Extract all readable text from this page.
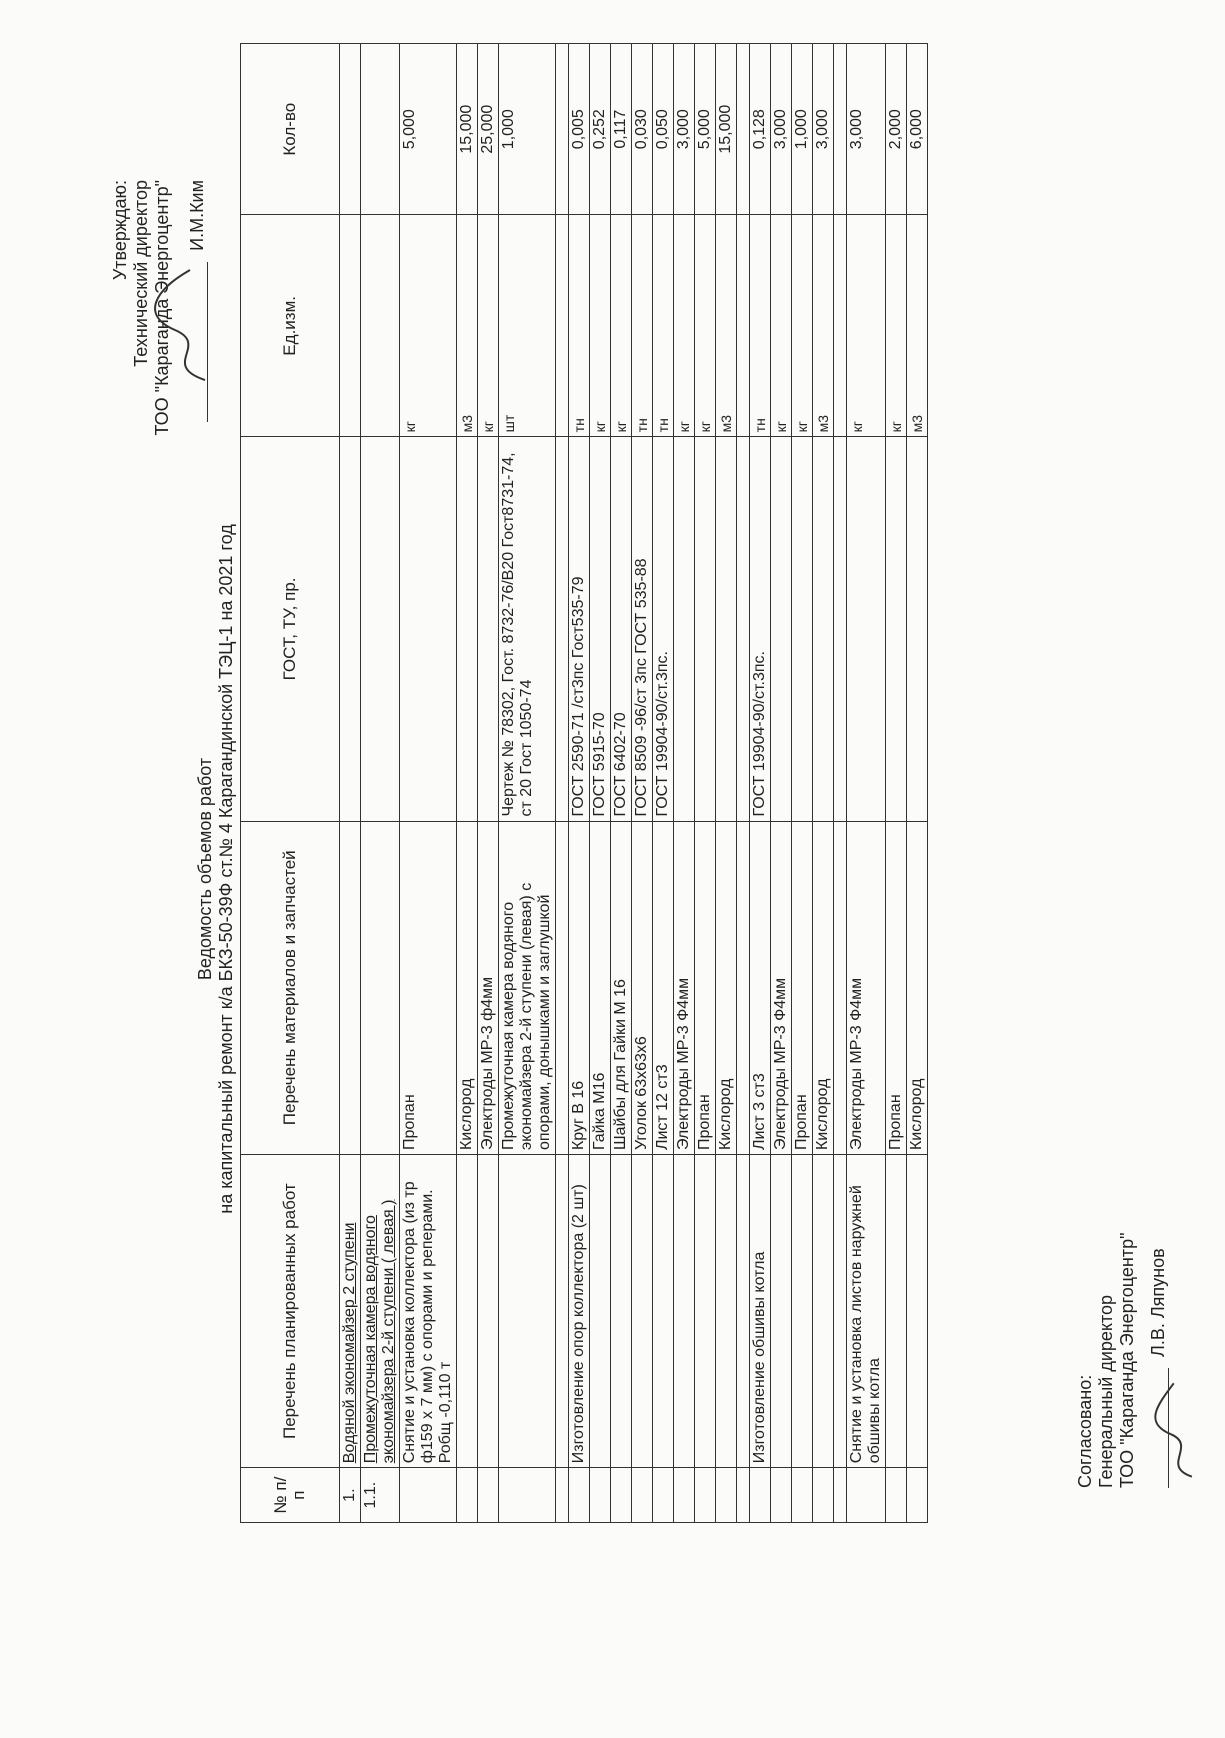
Согласовано: Генеральный директор ТОО "Караганда Энергоцентр" Л.В. Ляпунов
Утверждаю: Технический директор ТОО "Караганда Энергоцентр" И.М.Ким
Ведомость объемов работ на капитальный ремонт к/а БКЗ-50-39Ф ст.№ 4 Карагандинской ТЭЦ-1 на 2021 год
№ п/п	Перечень планированных работ	Перечень материалов и запчастей	ГОСТ, ТУ, пр.	Ед.изм.	Кол-во
1.	Водяной экономайзер 2 ступени				
1.1.	Промежуточная камера водяного экономайзера 2-й ступени ( левая )				
	Снятие и установка коллектора (из тр ф159 х 7 мм) с опорами и реперами. Робщ -0,110 т	Пропан		кг	5,000
		Кислород		м3	15,000
		Электроды МР-3 ф4мм		кг	25,000
		Промежуточная камера водяного экономайзера 2-й ступени (левая) с опорами, донышками и заглушкой	Чертеж № 78302, Гост. 8732-76/В20 Гост8731-74, ст 20 Гост 1050-74	шт	1,000

	Изготовление опор коллектора (2 шт)	Круг В 16	ГОСТ 2590-71 /ст3пс Гост535-79	тн	0,005
		Гайка М16	ГОСТ 5915-70	кг	0,252
		Шайбы для Гайки М 16	ГОСТ 6402-70	кг	0,117
		Уголок 63х63х6	ГОСТ 8509 -96/ст 3пс ГОСТ 535-88	тн	0,030
		Лист 12 ст3	ГОСТ 19904-90/ст.3пс.	тн	0,050
		Электроды МР-3 Ф4мм		кг	3,000
		Пропан		кг	5,000
		Кислород		м3	15,000

	Изготовление обшивы котла	Лист 3 ст3	ГОСТ 19904-90/ст.3пс.	тн	0,128
		Электроды МР-3 Ф4мм		кг	3,000
		Пропан		кг	1,000
		Кислород		м3	3,000

	Снятие и установка листов наружней обшивы котла	Электроды МР-3 Ф4мм		кг	3,000
		Пропан		кг	2,000
		Кислород		м3	6,000
